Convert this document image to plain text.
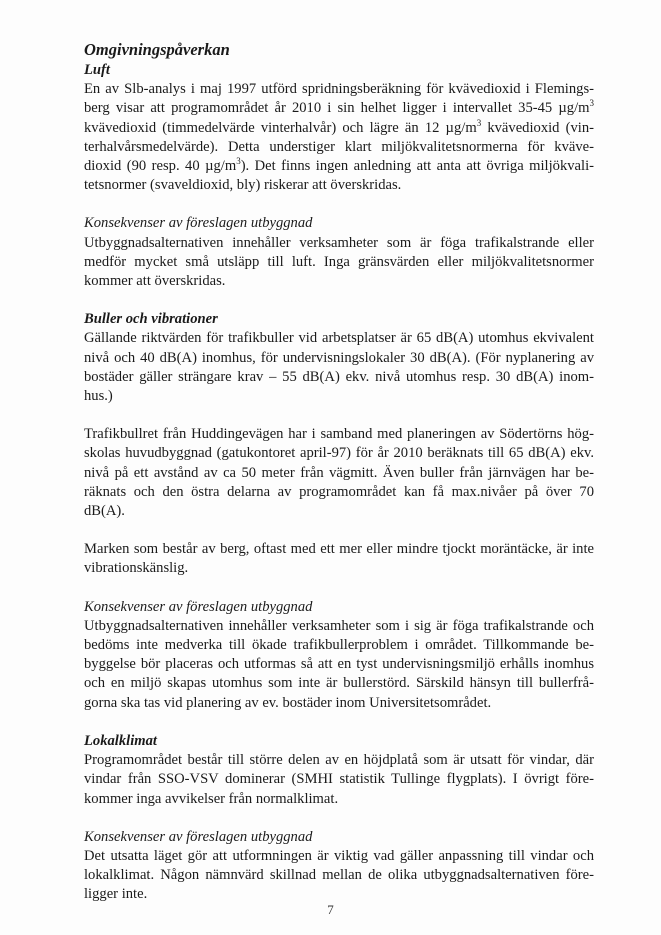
Omgivningspåverkan
Luft
En av Slb-analys i maj 1997 utförd spridningsberäkning för kvävedioxid i Flemings-
berg visar att programområdet år 2010 i sin helhet ligger i intervallet 35-45 $\mu g/m^3$
kvävedioxid (timmedelvärde vinterhalvår) och lägre än 12 $\mu g/m^3$ kvävedioxid (vin-
terhalvårsmedelvärde). Detta understiger klart miljökvalitetsnormerna för kväve-
dioxid (90 resp. 40 $\mu g/m^3$). Det finns ingen anledning att anta att övriga miljökvali-
tetsnormer (svaveldioxid, bly) riskerar att överskridas.
Konsekvenser av föreslagen utbyggnad
Utbyggnadsalternativen innehåller verksamheter som är föga trafikalstrande eller
medför mycket små utsläpp till luft. Inga gränsvärden eller miljökvalitetsnormer
kommer att överskridas.
Buller och vibrationer
Gällande riktvärden för trafikbuller vid arbetsplatser är 65 dB(A) utomhus ekvivalent
nivå och 40 dB(A) inomhus, för undervisningslokaler 30 dB(A). (För nyplanering av
bostäder gäller strängare krav – 55 dB(A) ekv. nivå utomhus resp. 30 dB(A) inom-
hus.)
Trafikbullret från Huddingevägen har i samband med planeringen av Södertörns hög-
skolas huvudbyggnad (gatukontoret april-97) för år 2010 beräknats till 65 dB(A) ekv.
nivå på ett avstånd av ca 50 meter från vägmitt. Även buller från järnvägen har be-
räknats och den östra delarna av programområdet kan få max.nivåer på över 70
dB(A).
Marken som består av berg, oftast med ett mer eller mindre tjockt moräntäcke, är inte
vibrationskänslig.
Konsekvenser av föreslagen utbyggnad
Utbyggnadsalternativen innehåller verksamheter som i sig är föga trafikalstrande och
bedöms inte medverka till ökade trafikbullerproblem i området. Tillkommande be-
byggelse bör placeras och utformas så att en tyst undervisningsmiljö erhålls inomhus
och en miljö skapas utomhus som inte är bullerstörd. Särskild hänsyn till bullerfrå-
gorna ska tas vid planering av ev. bostäder inom Universitetsområdet.
Lokalklimat
Programområdet består till större delen av en höjdplatå som är utsatt för vindar, där
vindar från SSO-VSV dominerar (SMHI statistik Tullinge flygplats). I övrigt före-
kommer inga avvikelser från normalklimat.
Konsekvenser av föreslagen utbyggnad
Det utsatta läget gör att utformningen är viktig vad gäller anpassning till vindar och
lokalklimat. Någon nämnvärd skillnad mellan de olika utbyggnadsalternativen före-
ligger inte.
7
